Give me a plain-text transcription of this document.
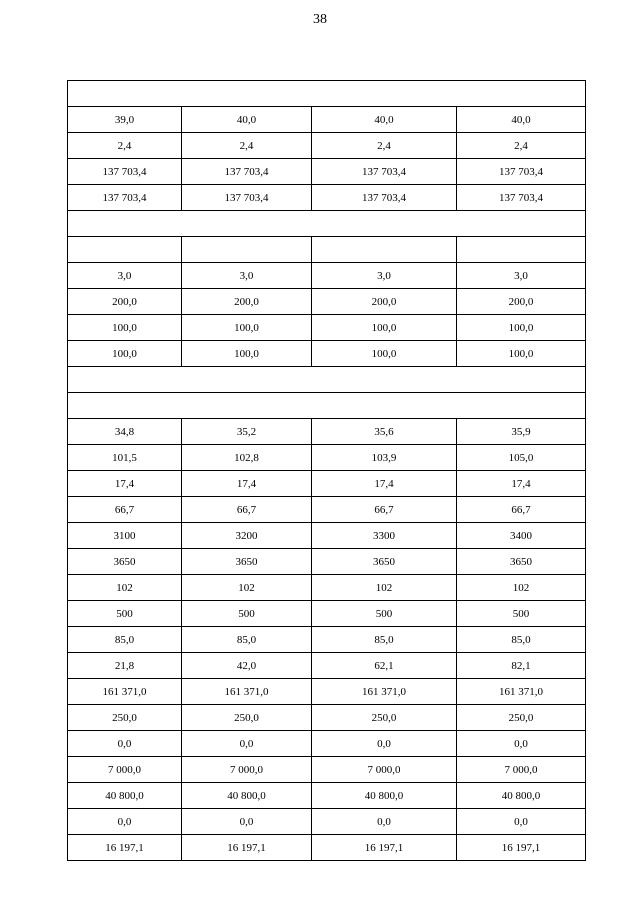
38

39,0	40,0	40,0	40,0
2,4	2,4	2,4	2,4
137 703,4	137 703,4	137 703,4	137 703,4
137 703,4	137 703,4	137 703,4	137 703,4

3,0	3,0	3,0	3,0
200,0	200,0	200,0	200,0
100,0	100,0	100,0	100,0
100,0	100,0	100,0	100,0

34,8	35,2	35,6	35,9
101,5	102,8	103,9	105,0
17,4	17,4	17,4	17,4
66,7	66,7	66,7	66,7
3100	3200	3300	3400
3650	3650	3650	3650
102	102	102	102
500	500	500	500
85,0	85,0	85,0	85,0
21,8	42,0	62,1	82,1
161 371,0	161 371,0	161 371,0	161 371,0
250,0	250,0	250,0	250,0
0,0	0,0	0,0	0,0
7 000,0	7 000,0	7 000,0	7 000,0
40 800,0	40 800,0	40 800,0	40 800,0
0,0	0,0	0,0	0,0
16 197,1	16 197,1	16 197,1	16 197,1
